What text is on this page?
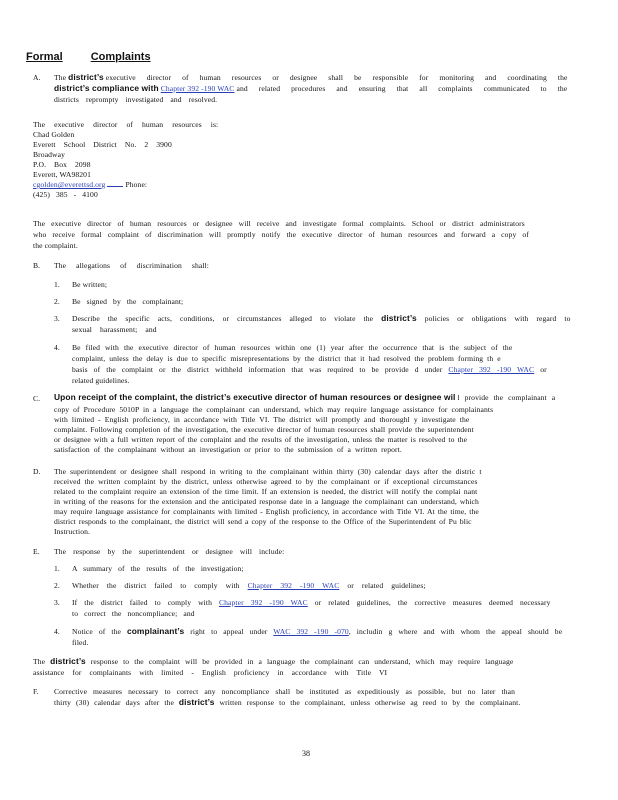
Formal	Complaints
A. The district’s executive director of human resources or designee shall be responsible for monitoring and coordinating the
district’s compliance with Chapter 392 -190 WAC and related procedures and ensuring that all complaints communicated to the
districts reprompty investigated and resolved.
The executive director of human resources is:
Chad Golden
Everett School District No. 2 3900
Broadway
P.O. Box 2098
Everett, WA98201
cgolden@everettsd.org	Phone:
(425) 385 - 4100
The executive director of human resources or designee will receive and investigate formal complaints. School or district administrators
who receive formal complaint of discrimination will promptly notify the executive director of human resources and forward a copy of
the complaint.
B. The allegations of discrimination shall:
1. Be written;
2. Be signed by the complainant;
3. Describe the specific acts, conditions, or circumstances alleged to violate the district’s policies or obligations with regard to
sexual harassment; and
4. Be filed with the executive director of human resources within one (1) year after the occurrence that is the subject of the
complaint, unless the delay is due to specific misrepresentations by the district that it had resolved the problem forming th e
basis of the complaint or the district withheld information that was required to be provide d under Chapter 392 -190 WAC or
related guidelines.
C. Upon receipt of the complaint, the district’s executive director of human resources or designee wil l provide the complainant a
copy of Procedure 5010P in a language the complainant can understand, which may require language assistance for complainants
with limited - English proficiency, in accordance with Title VI. The district will promptly and thoroughl y investigate the
complaint. Following completion of the investigation, the executive director of human resources shall provide the superintendent
or designee with a full written report of the complaint and the results of the investigation, unless the matter is resolved to the
satisfaction of the complainant without an investigation or prior to the submission of a written report.
D. The superintendent or designee shall respond in writing to the complainant within thirty (30) calendar days after the distric t
received the written complaint by the district, unless otherwise agreed to by the complainant or if exceptional circumstances
related to the complaint require an extension of the time limit. If an extension is needed, the district will notify the complai nant
in writing of the reasons for the extension and the anticipated response date in a language the complainant can understand, which
may require language assistance for complainants with limited - English proficiency, in accordance with Title VI. At the time, the
district responds to the complainant, the district will send a copy of the response to the Office of the Superintendent of Pu blic
Instruction.
E. The response by the superintendent or designee will include:
1. A summary of the results of the investigation;
2. Whether the district failed to comply with Chapter 392 -190 WAC or related guidelines;
3. If the district failed to comply with Chapter 392 -190 WAC or related guidelines, the corrective measures deemed necessary
to correct the noncompliance; and
4. Notice of the complainant’s right to appeal under WAC 392 -190 -070, includin g where and with whom the appeal should be
filed.
The district’s response to the complaint will be provided in a language the complainant can understand, which may require language
assistance for complainants with limited - English proficiency in accordance with Title VI
F. Corrective measures necessary to correct any noncompliance shall be instituted as expeditiously as possible, but no later than
thirty (30) calendar days after the district’s written response to the complainant, unless otherwise ag reed to by the complainant.
38
